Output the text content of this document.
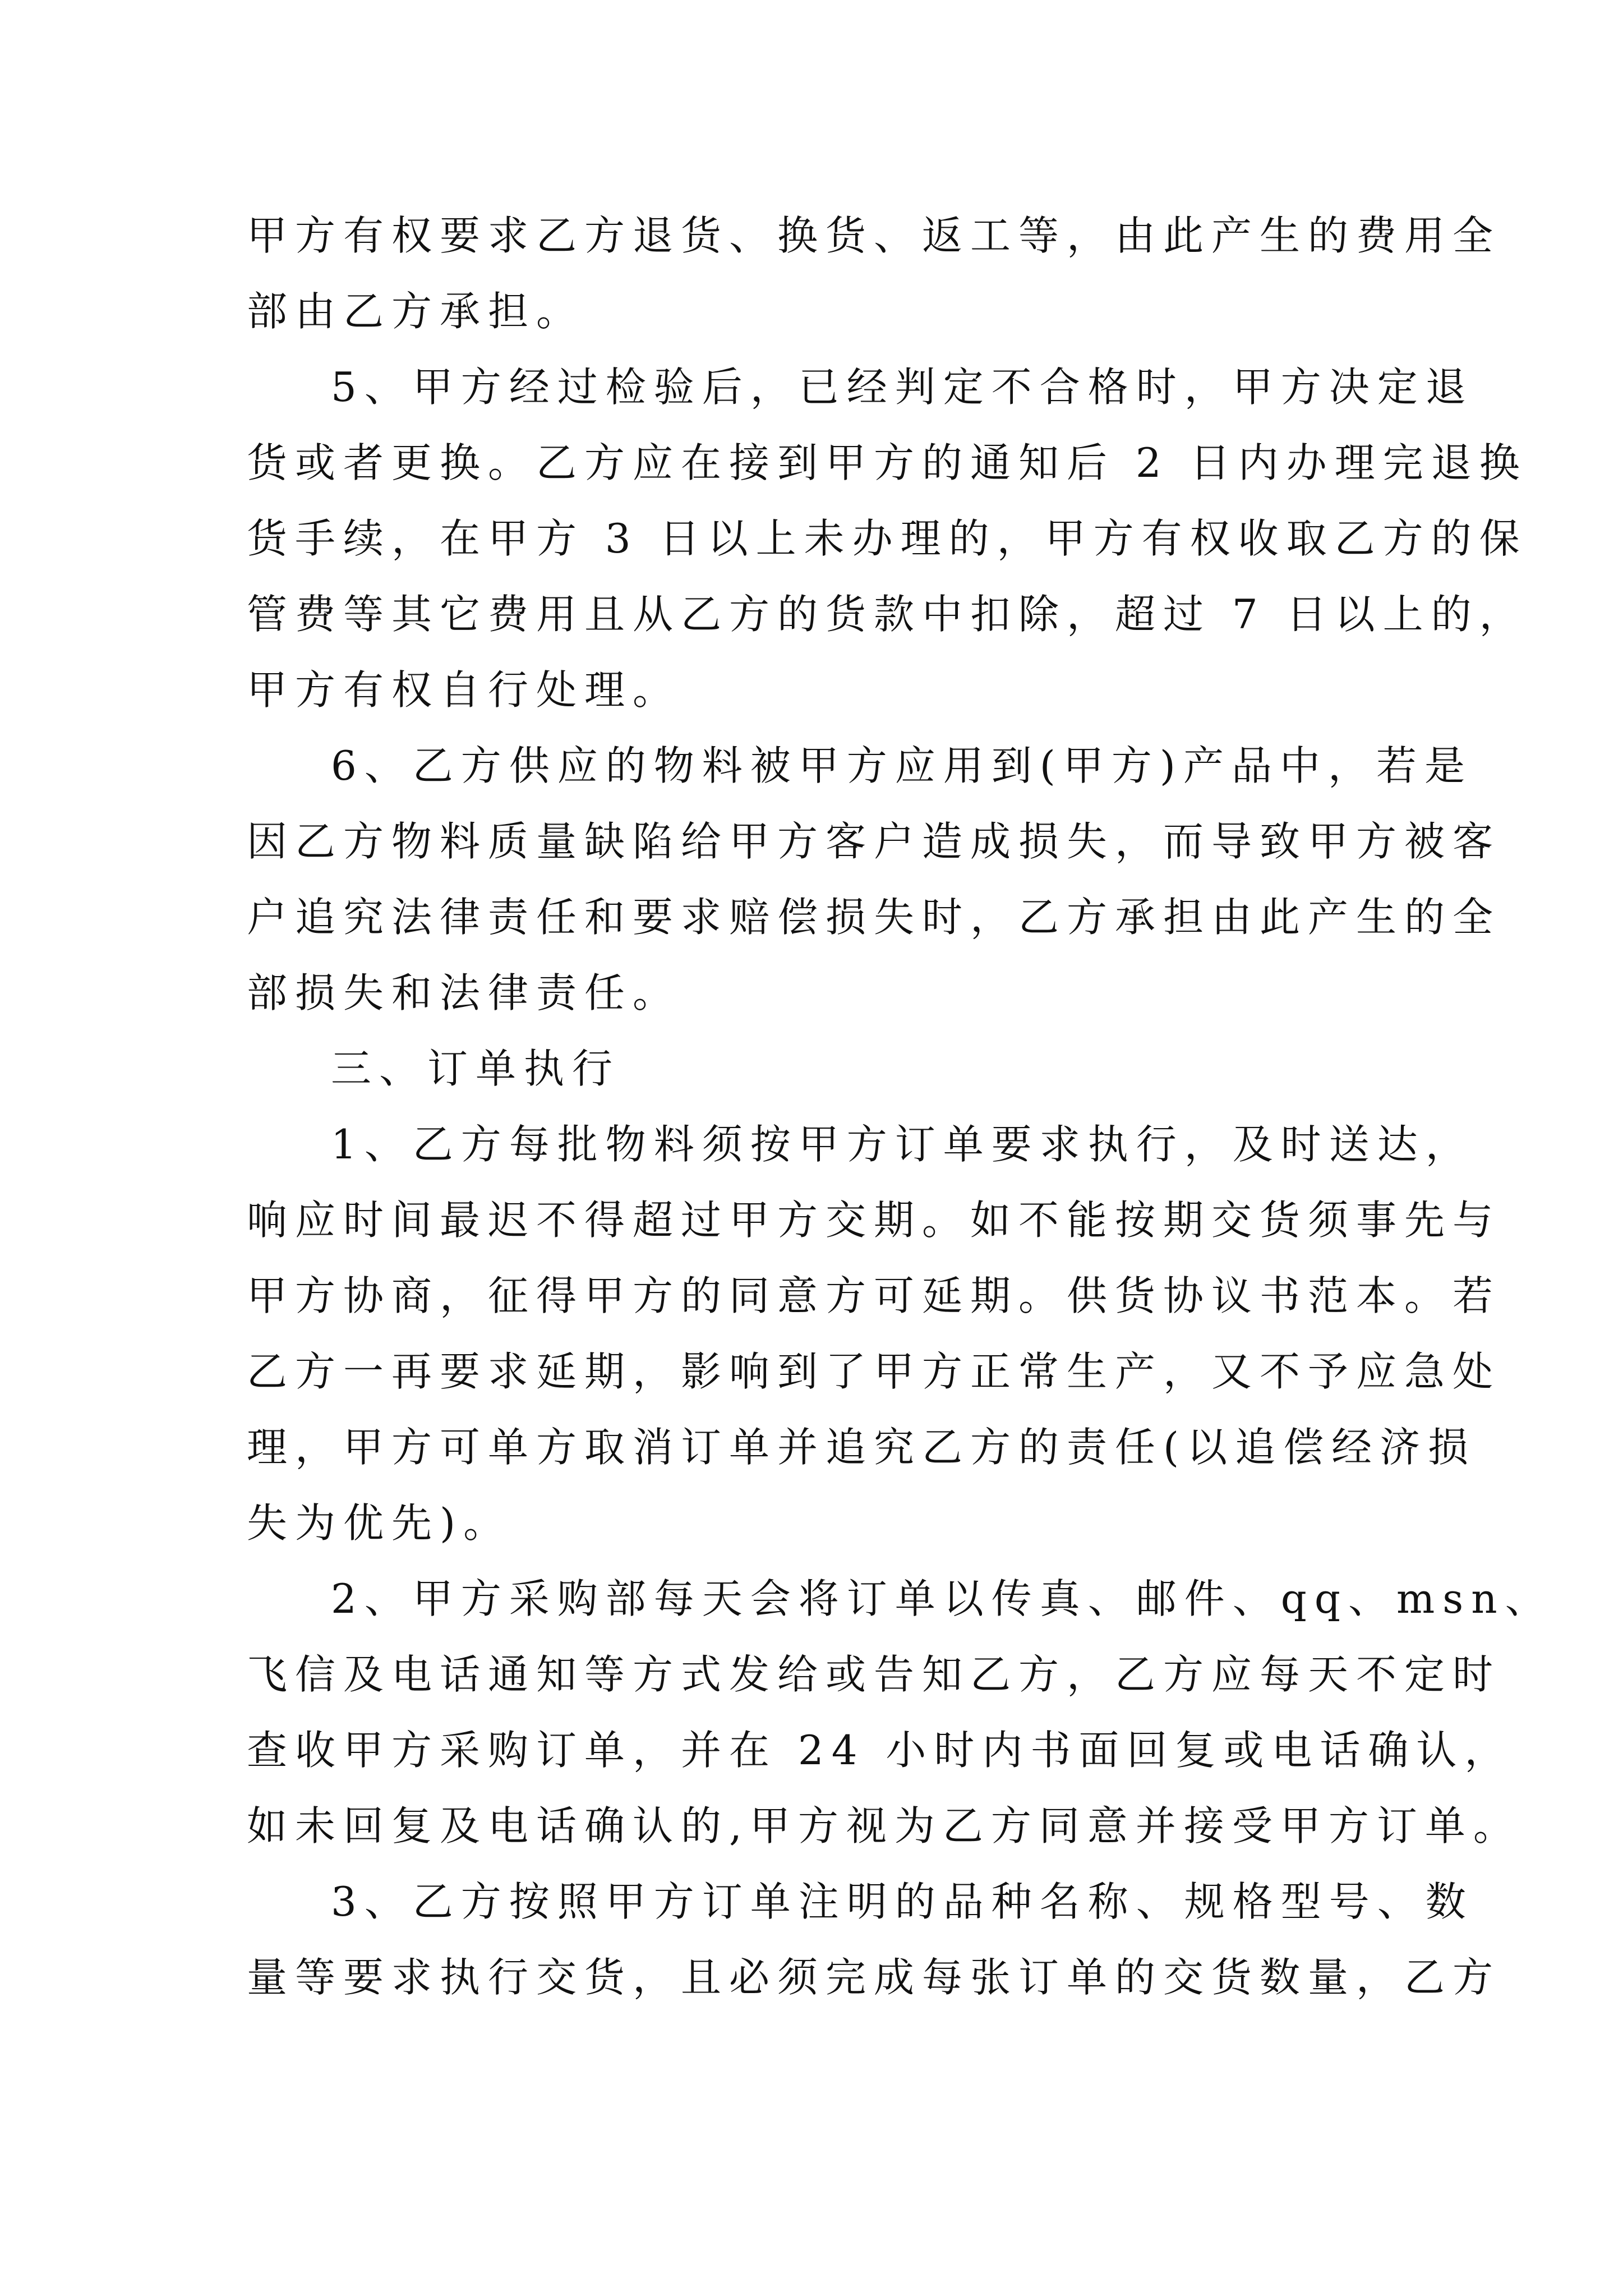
甲方有权要求乙方退货、换货、返工等，由此产生的费用全

部由乙方承担。

5、甲方经过检验后，已经判定不合格时，甲方决定退

货或者更换。乙方应在接到甲方的通知后 2 日内办理完退换

货手续，在甲方 3 日以上未办理的，甲方有权收取乙方的保

管费等其它费用且从乙方的货款中扣除，超过 7 日以上的，

甲方有权自行处理。

6、乙方供应的物料被甲方应用到(甲方)产品中，若是

因乙方物料质量缺陷给甲方客户造成损失，而导致甲方被客

户追究法律责任和要求赔偿损失时，乙方承担由此产生的全

部损失和法律责任。

三、订单执行

1、乙方每批物料须按甲方订单要求执行，及时送达，

响应时间最迟不得超过甲方交期。如不能按期交货须事先与

甲方协商，征得甲方的同意方可延期。供货协议书范本。若

乙方一再要求延期，影响到了甲方正常生产，又不予应急处

理，甲方可单方取消订单并追究乙方的责任(以追偿经济损

失为优先)。

2、甲方采购部每天会将订单以传真、邮件、qq、msn、

飞信及电话通知等方式发给或告知乙方，乙方应每天不定时

查收甲方采购订单，并在 24 小时内书面回复或电话确认，

如未回复及电话确认的,甲方视为乙方同意并接受甲方订单。

3、乙方按照甲方订单注明的品种名称、规格型号、数

量等要求执行交货，且必须完成每张订单的交货数量，乙方
